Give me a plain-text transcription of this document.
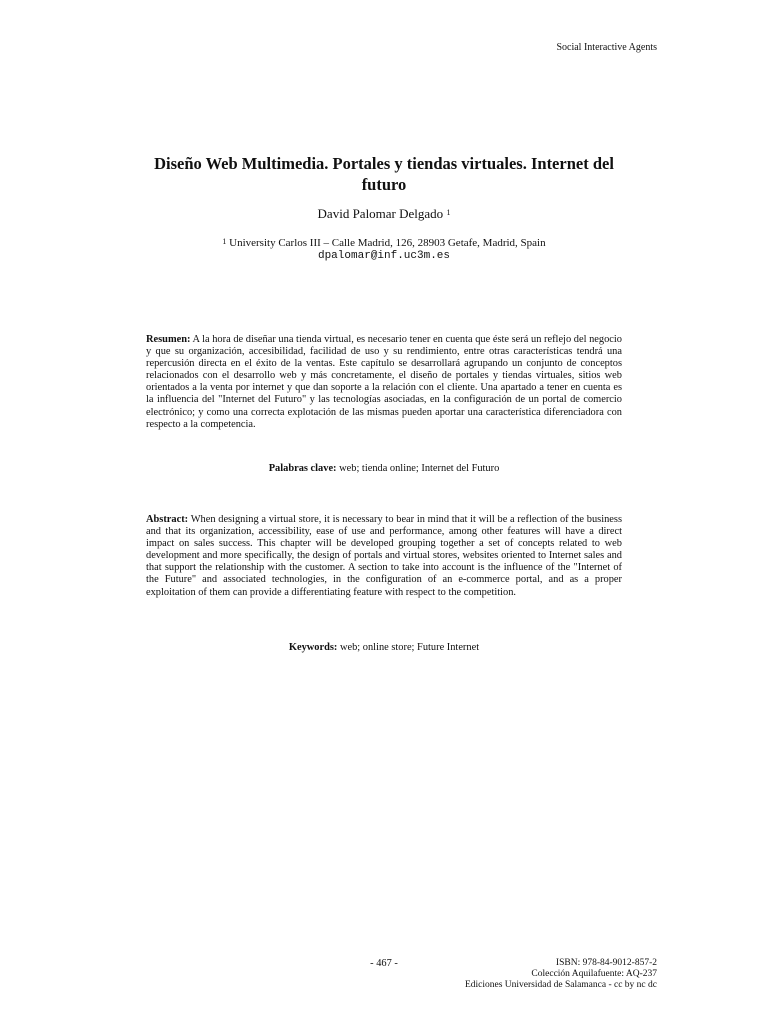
Social Interactive Agents
Diseño Web Multimedia. Portales y tiendas virtuales. Internet del futuro
David Palomar Delgado $^1$
$^1$ University Carlos III – Calle Madrid, 126, 28903 Getafe, Madrid, Spain
dpalomar@inf.uc3m.es

Resumen: A la hora de diseñar una tienda virtual, es necesario tener en cuenta que éste será un reflejo del negocio y que su organización, accesibilidad, facilidad de uso y su rendimiento, entre otras características tendrá una repercusión directa en el éxito de la ventas. Este capítulo se desarrollará agrupando un conjunto de conceptos relacionados con el desarrollo web y más concretamente, el diseño de portales y tiendas virtuales, sitios web orientados a la venta por internet y que dan soporte a la relación con el cliente. Una apartado a tener en cuenta es la influencia del "Internet del Futuro" y las tecnologías asociadas, en la configuración de un portal de comercio electrónico; y como una correcta explotación de las mismas pueden aportar una característica diferenciadora con respecto a la competencia.

Palabras clave: web; tienda online; Internet del Futuro

Abstract: When designing a virtual store, it is necessary to bear in mind that it will be a reflection of the business and that its organization, accessibility, ease of use and performance, among other features will have a direct impact on sales success. This chapter will be developed grouping together a set of concepts related to web development and more specifically, the design of portals and virtual stores, websites oriented to Internet sales and that support the relationship with the customer. A section to take into account is the influence of the "Internet of the Future" and associated technologies, in the configuration of an e-commerce portal, and as a proper exploitation of them can provide a differentiating feature with respect to the competition.

Keywords: web; online store; Future Internet
- 467 -	ISBN: 978-84-9012-857-2
Colección Aquilafuente: AQ-237
Ediciones Universidad de Salamanca - cc by nc dc
